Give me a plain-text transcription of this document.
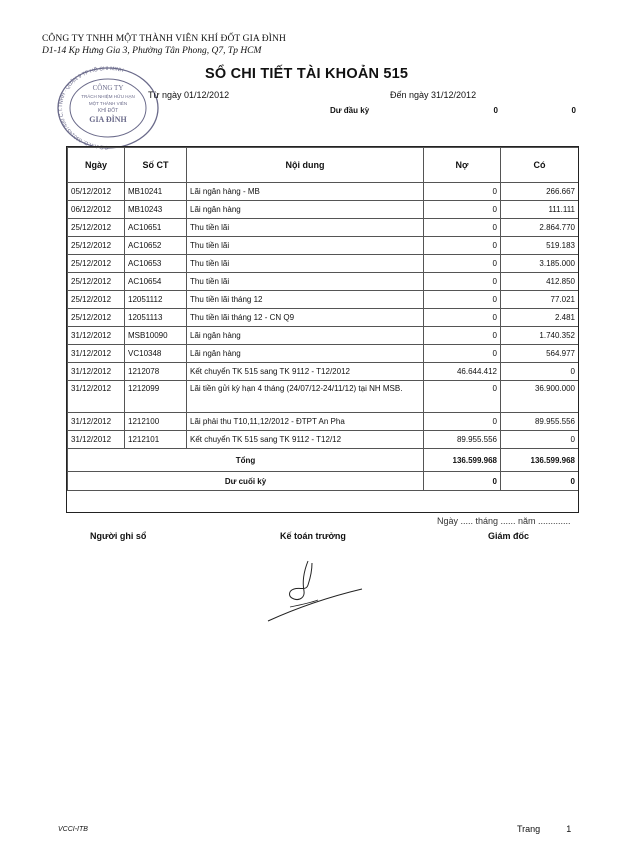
CÔNG TY TNHH MỘT THÀNH VIÊN KHÍ ĐỐT GIA ĐÌNH
D1-14 Kp Hưng Gia 3, Phường Tân Phong, Q7, Tp HCM
S.Đ.K.K.D: 0301457490 C.T.TNHH · QUẬN 9 TP HỒ CHÍ MINH
CÔNG TY
TRÁCH NHIỆM HỮU HẠN
MỘT THÀNH VIÊN
KHÍ ĐỐT
GIA ĐÌNH
SỔ CHI TIẾT TÀI KHOẢN 515
Từ ngày 01/12/2012	Đến ngày 31/12/2012
Dư đầu kỳ	0	0
Ngày	Số CT	Nội dung	Nợ	Có
05/12/2012	MB10241	Lãi ngân hàng - MB	0	266.667
06/12/2012	MB10243	Lãi ngân hàng	0	111.111
25/12/2012	AC10651	Thu tiền lãi	0	2.864.770
25/12/2012	AC10652	Thu tiền lãi	0	519.183
25/12/2012	AC10653	Thu tiền lãi	0	3.185.000
25/12/2012	AC10654	Thu tiền lãi	0	412.850
25/12/2012	12051112	Thu tiền lãi tháng 12	0	77.021
25/12/2012	12051113	Thu tiền lãi tháng 12 - CN Q9	0	2.481
31/12/2012	MSB10090	Lãi ngân hàng	0	1.740.352
31/12/2012	VC10348	Lãi ngân hàng	0	564.977
31/12/2012	1212078	Kết chuyển TK 515 sang TK 9112 - T12/2012	46.644.412	0
31/12/2012	1212099	Lãi tiền gửi kỳ hạn 4 tháng (24/07/12-24/11/12) tại NH MSB.	0	36.900.000
31/12/2012	1212100	Lãi phải thu T10,11,12/2012 - ĐTPT An Pha	0	89.955.556
31/12/2012	1212101	Kết chuyển TK 515 sang TK 9112 - T12/12	89.955.556	0
Tổng			136.599.968	136.599.968
Dư cuối kỳ			0	0
Ngày ..... tháng ...... năm .............
Người ghi sổ	Kế toán trưởng	Giám đốc
VCCI-ITB	Trang	1
